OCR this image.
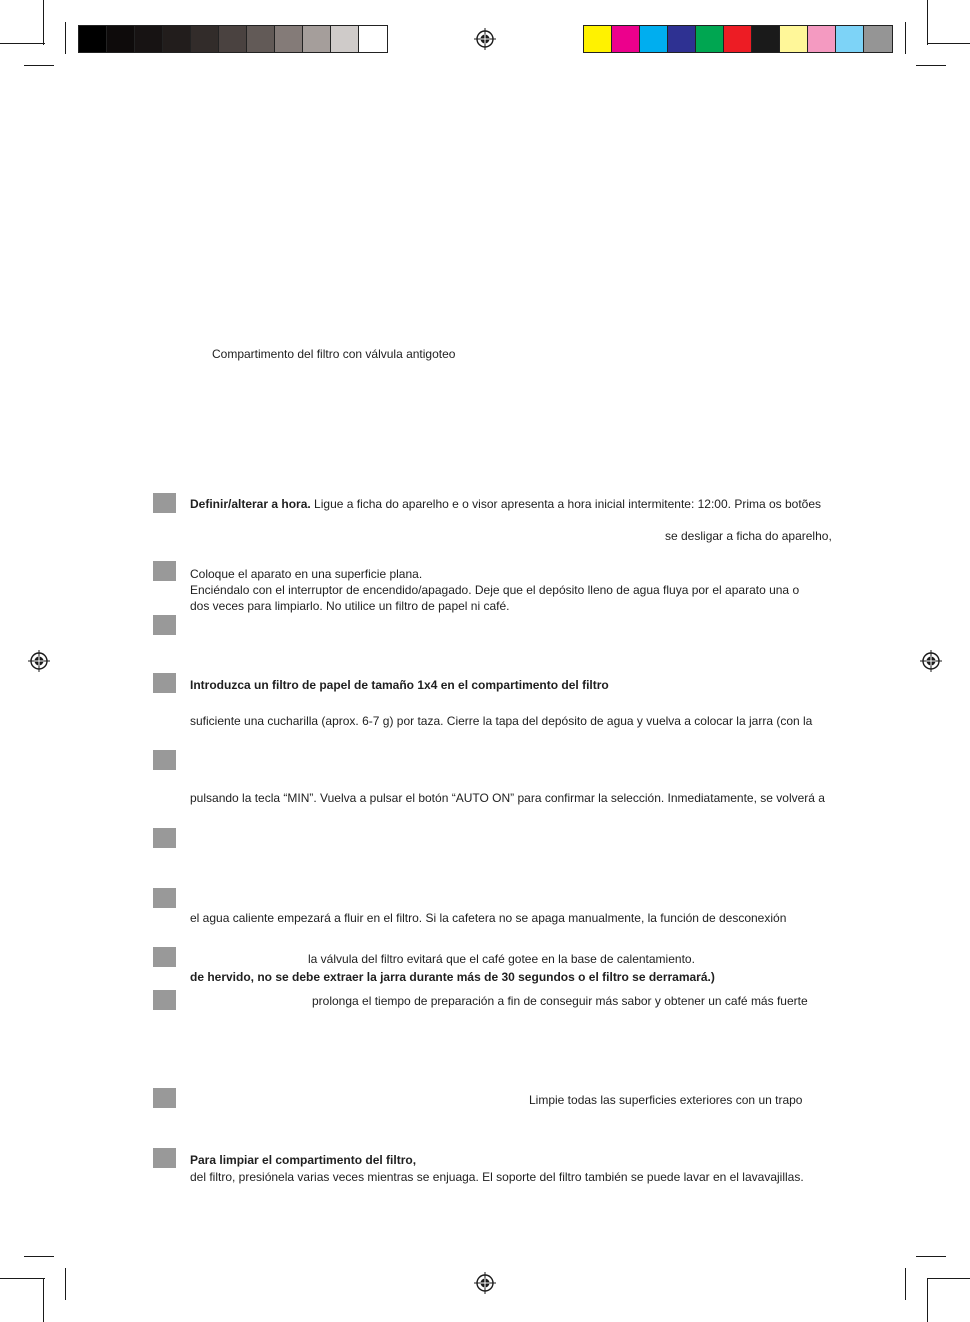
Compartimento del filtro con válvula antigoteo
Definir/alterar a hora. Ligue a ficha do aparelho e o visor apresenta a hora inicial intermitente: 12:00. Prima os botões
se desligar a ficha do aparelho,
Coloque el aparato en una superficie plana.
Enciéndalo con el interruptor de encendido/apagado. Deje que el depósito lleno de agua fluya por el aparato una o
dos veces para limpiarlo. No utilice un filtro de papel ni café.
Introduzca un filtro de papel de tamaño 1x4 en el compartimento del filtro
suficiente una cucharilla (aprox. 6-7 g) por taza. Cierre la tapa del depósito de agua y vuelva a colocar la jarra (con la
pulsando la tecla “MIN”. Vuelva a pulsar el botón “AUTO ON” para confirmar la selección. Inmediatamente, se volverá a
el agua caliente empezará a fluir en el filtro. Si la cafetera no se apaga manualmente, la función de desconexión
la válvula del filtro evitará que el café gotee en la base de calentamiento.
de hervido, no se debe extraer la jarra durante más de 30 segundos o el filtro se derramará.)
prolonga el tiempo de preparación a fin de conseguir más sabor y obtener un café más fuerte
Limpie todas las superficies exteriores con un trapo
Para limpiar el compartimento del filtro,
del filtro, presiónela varias veces mientras se enjuaga. El soporte del filtro también se puede lavar en el lavavajillas.
